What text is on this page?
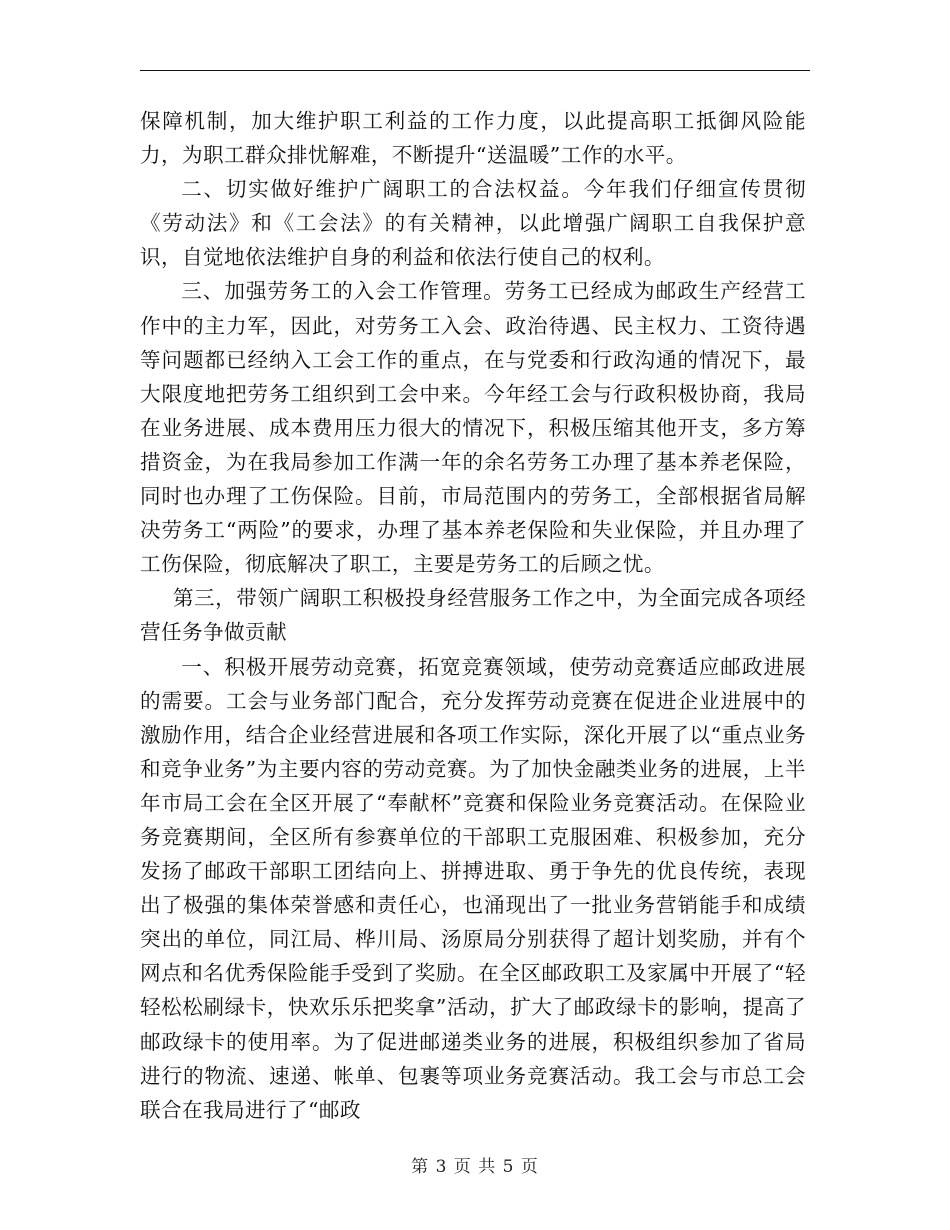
保障机制，加大维护职工利益的工作力度，以此提高职工抵御风险能力，为职工群众排忧解难，不断提升“送温暖”工作的水平。

二、切实做好维护广阔职工的合法权益。今年我们仔细宣传贯彻《劳动法》和《工会法》的有关精神，以此增强广阔职工自我保护意识，自觉地依法维护自身的利益和依法行使自己的权利。

三、加强劳务工的入会工作管理。劳务工已经成为邮政生产经营工作中的主力军，因此，对劳务工入会、政治待遇、民主权力、工资待遇等问题都已经纳入工会工作的重点，在与党委和行政沟通的情况下，最大限度地把劳务工组织到工会中来。今年经工会与行政积极协商，我局在业务进展、成本费用压力很大的情况下，积极压缩其他开支，多方筹措资金，为在我局参加工作满一年的余名劳务工办理了基本养老保险，同时也办理了工伤保险。目前，市局范围内的劳务工，全部根据省局解决劳务工“两险”的要求，办理了基本养老保险和失业保险，并且办理了工伤保险，彻底解决了职工，主要是劳务工的后顾之忧。

第三，带领广阔职工积极投身经营服务工作之中，为全面完成各项经营任务争做贡献

一、积极开展劳动竞赛，拓宽竞赛领域，使劳动竞赛适应邮政进展的需要。工会与业务部门配合，充分发挥劳动竞赛在促进企业进展中的激励作用，结合企业经营进展和各项工作实际，深化开展了以“重点业务和竞争业务”为主要内容的劳动竞赛。为了加快金融类业务的进展，上半年市局工会在全区开展了“奉献杯”竞赛和保险业务竞赛活动。在保险业务竞赛期间，全区所有参赛单位的干部职工克服困难、积极参加，充分发扬了邮政干部职工团结向上、拼搏进取、勇于争先的优良传统，表现出了极强的集体荣誉感和责任心，也涌现出了一批业务营销能手和成绩突出的单位，同江局、桦川局、汤原局分别获得了超计划奖励，并有个网点和名优秀保险能手受到了奖励。在全区邮政职工及家属中开展了“轻轻松松刷绿卡，快欢乐乐把奖拿”活动，扩大了邮政绿卡的影响，提高了邮政绿卡的使用率。为了促进邮递类业务的进展，积极组织参加了省局进行的物流、速递、帐单、包裹等项业务竞赛活动。我工会与市总工会联合在我局进行了“邮政

第 3 页 共 5 页
